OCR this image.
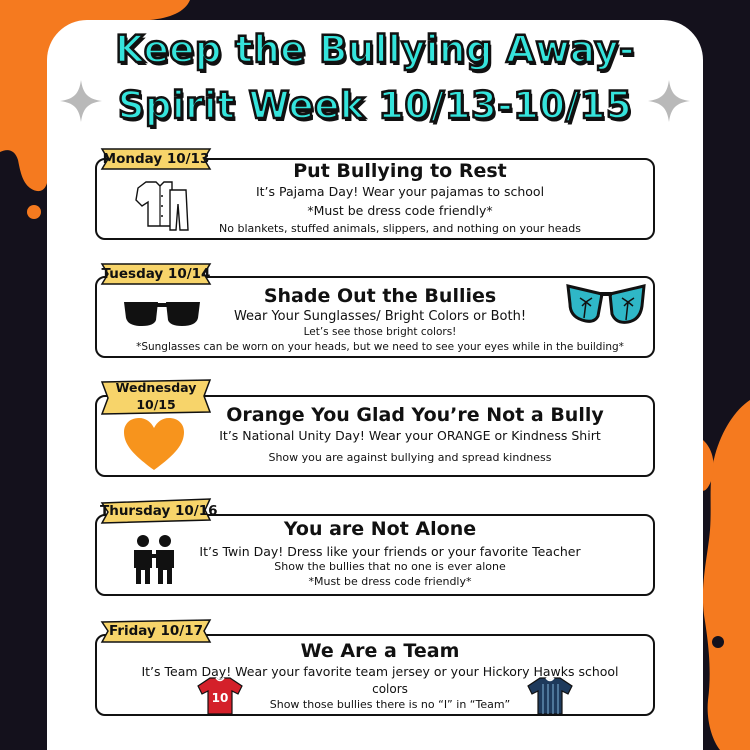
Keep the Bullying Away-
Spirit Week 10/13-10/15
Monday 10/13
Put Bullying to Rest
It’s Pajama Day! Wear your pajamas to school
*Must be dress code friendly*
No blankets, stuffed animals, slippers, and nothing on your heads
Tuesday 10/14
Shade Out the Bullies
Wear Your Sunglasses/ Bright Colors or Both!
Let’s see those bright colors!
*Sunglasses can be worn on your heads, but we need to see your eyes while in the building*
Wednesday
10/15	Orange You Glad You’re Not a Bully
It’s National Unity Day! Wear your ORANGE or Kindness Shirt
Show you are against bullying and spread kindness
Thursday 10/16
You are Not Alone
It’s Twin Day! Dress like your friends or your favorite Teacher
Show the bullies that no one is ever alone
*Must be dress code friendly*
Friday 10/17
We Are a Team
It’s Team Day! Wear your favorite team jersey or your Hickory Hawks school
colors
Show those bullies there is no “I” in “Team”
10
